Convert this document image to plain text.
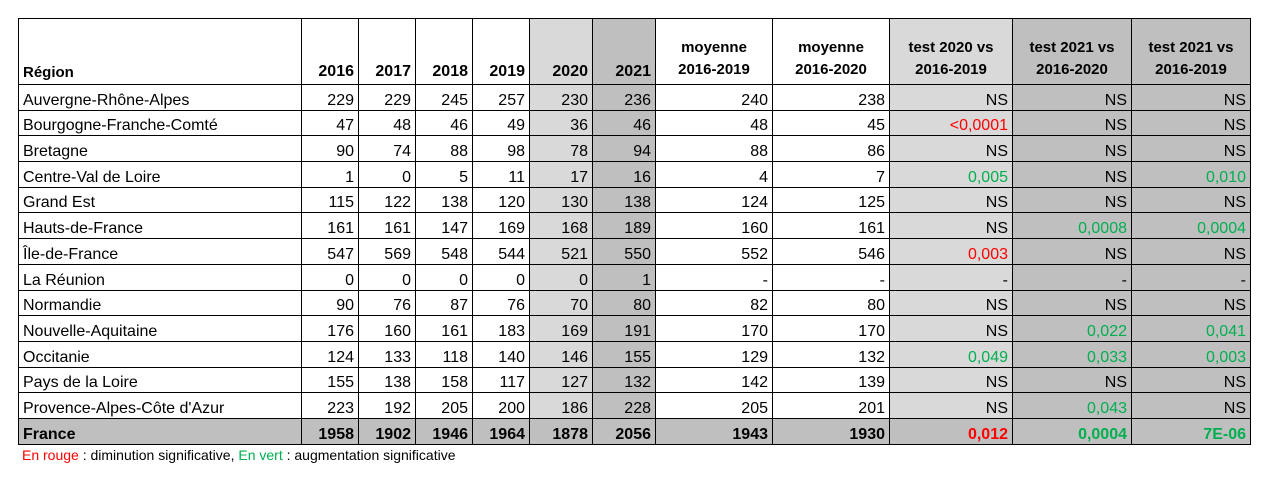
Région	2016	2017	2018	2019	2020	2021	moyenne 2016-2019	moyenne 2016-2020	test 2020 vs 2016-2019	test 2021 vs 2016-2020	test 2021 vs 2016-2019
Auvergne-Rhône-Alpes	229	229	245	257	230	236	240	238	NS	NS	NS
Bourgogne-Franche-Comté	47	48	46	49	36	46	48	45	<0,0001	NS	NS
Bretagne	90	74	88	98	78	94	88	86	NS	NS	NS
Centre-Val de Loire	1	0	5	11	17	16	4	7	0,005	NS	0,010
Grand Est	115	122	138	120	130	138	124	125	NS	NS	NS
Hauts-de-France	161	161	147	169	168	189	160	161	NS	0,0008	0,0004
Île-de-France	547	569	548	544	521	550	552	546	0,003	NS	NS
La Réunion	0	0	0	0	0	1	-	-	-	-	-
Normandie	90	76	87	76	70	80	82	80	NS	NS	NS
Nouvelle-Aquitaine	176	160	161	183	169	191	170	170	NS	0,022	0,041
Occitanie	124	133	118	140	146	155	129	132	0,049	0,033	0,003
Pays de la Loire	155	138	158	117	127	132	142	139	NS	NS	NS
Provence-Alpes-Côte d'Azur	223	192	205	200	186	228	205	201	NS	0,043	NS
France	1958	1902	1946	1964	1878	2056	1943	1930	0,012	0,0004	7E-06
En rouge : diminution significative, En vert : augmentation significative
